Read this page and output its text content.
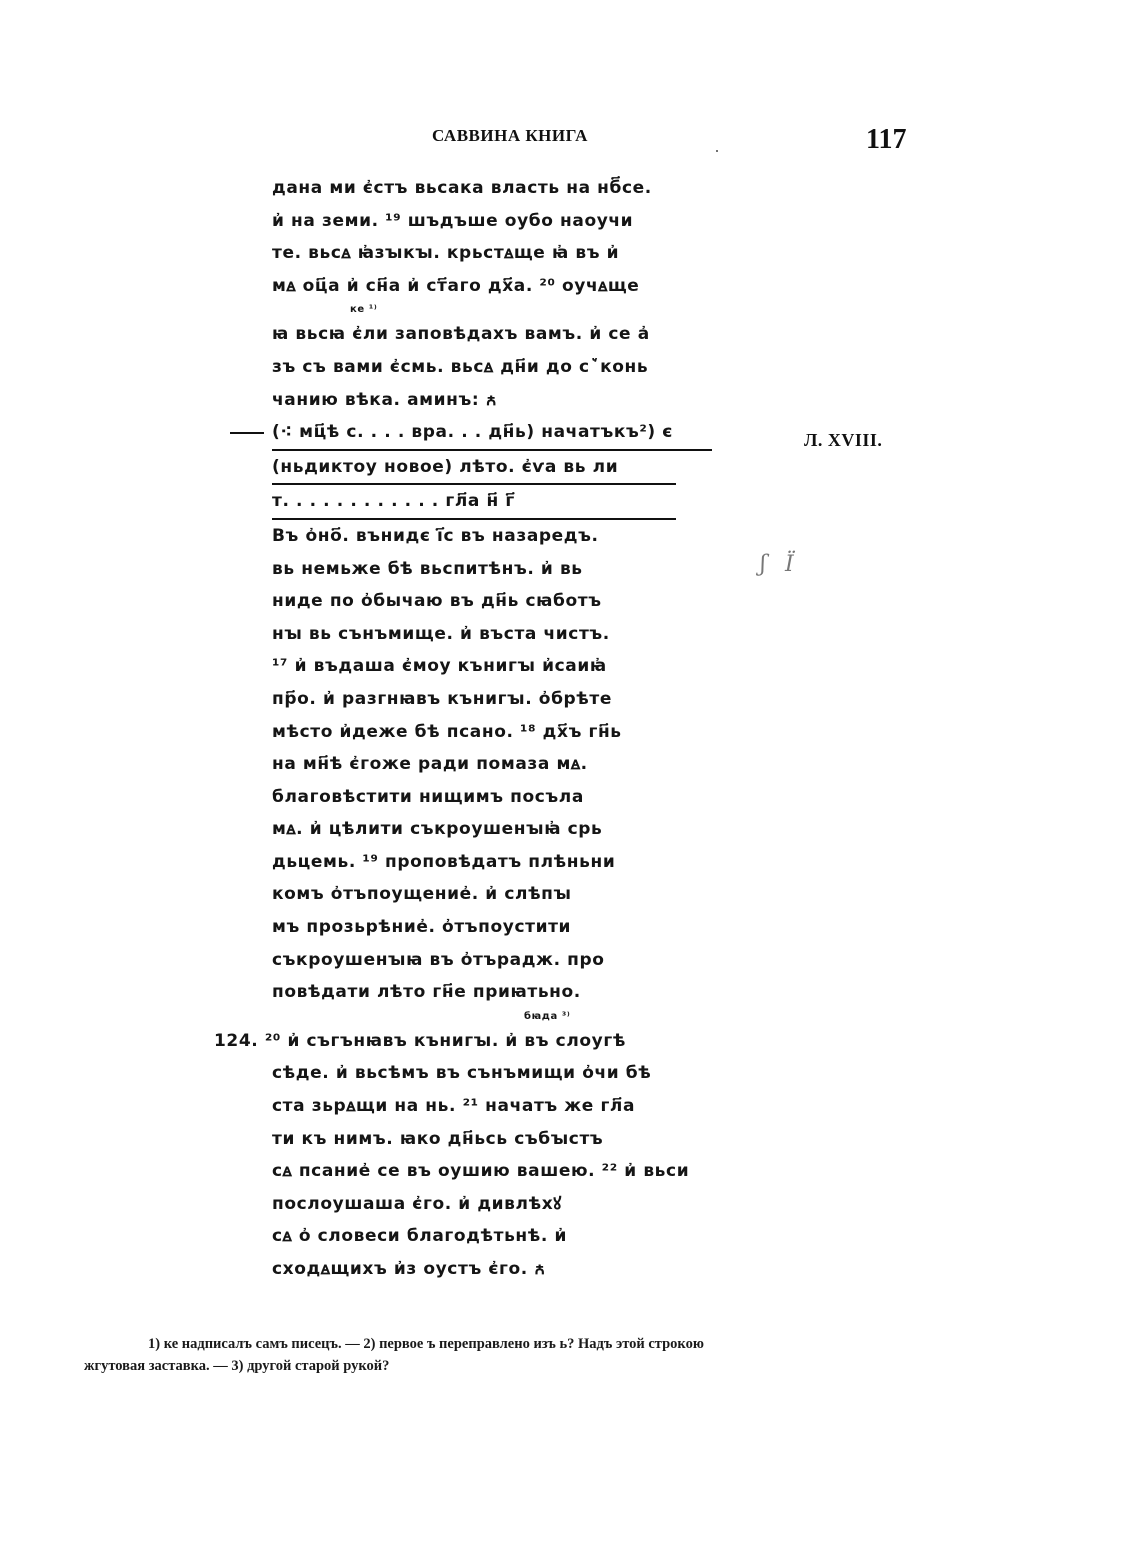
САВВИНА КНИГА	117
дана ми є҆стъ вьсака власть на нб҃се.
и҆ на земи. ¹⁹ шъдъше оубо наоучи
те. вьсꙙ ꙗ҆зꙑкꙑ. крьстꙙще ꙗ҆ въ и҆
мꙙ оц҃а и҆ сн҃а и҆ ст҃аго дх҃а. ²⁰ оучꙙще
ке ¹⁾
ꙗ вьсꙗ є҆ли заповѣдахъ вамъ. и҆ се а҆
зъ съ вами є҆смь. вьсꙙ дн҃и до сꙿконь
чанию вѣка. аминъ: ꙉ
(⁖ мц҃ѣ с. . . . вра. . . дн҃ь) начатъкъ²) є
(ньдиктоу новое) лѣто. є҆ѵа вь ли
т. . . . . . . . . . . . гл҃а н҃ г҃
Въ о҆но҃. вънидє і҃с въ назаредъ.
вь немьже бѣ вьспитѣнъ. и҆ вь
ниде по о҆бычаю въ дн҃ь сꙗботъ
нꙑ вь сънъмище. и҆ въста чистъ.
¹⁷ и҆ въдаша є҆моу кънигꙑ и҆саиꙗ҆
пр҃о. и҆ разгнꙗвъ кънигꙑ. о҆брѣте
мѣсто и҆деже бѣ псано. ¹⁸ дх҃ъ гн҃ь
на мн҃ѣ є҆гоже ради помаза мꙙ.
благовѣстити нищимъ посъла
мꙙ. и҆ цѣлити съкроушенꙑꙗ҆ срь
дьцемь. ¹⁹ проповѣдатъ плѣньни
комъ о҆тъпоущение҆. и҆ слѣпꙑ
мъ прозьрѣние҆. о҆тъпоустити
съкроушенꙑꙗ въ о҆търадж. про
повѣдати лѣто гн҃е приꙗтьно.
бꙗда ³⁾
124. ²⁰ и҆ съгънꙗвъ кънигꙑ. и҆ въ слоугѣ
сѣде. и҆ вьсѣмъ въ сънъмищи о҆чи бѣ
ста зьрꙙщи на нь. ²¹ начатъ же гл҃а
ти къ нимъ. ꙗко дн҃ьсь събꙑстъ
сꙙ псание҆ се въ оушию вашею. ²² и҆ вьси
послоушаша є҆го. и҆ дивлѣхꙋ
сꙙ о҆ словеси благодѣтьнѣ. и҆
сходꙙщихъ и҆з оустъ є҆го. ꙉ
Л. XVIII.
ʃ Ϊ

1) ке надписалъ самъ писецъ. — 2) первое ъ перепpавлено изъ ь? Надъ этой строкою

жгутовая заставка. — 3) другой старой рукой?
